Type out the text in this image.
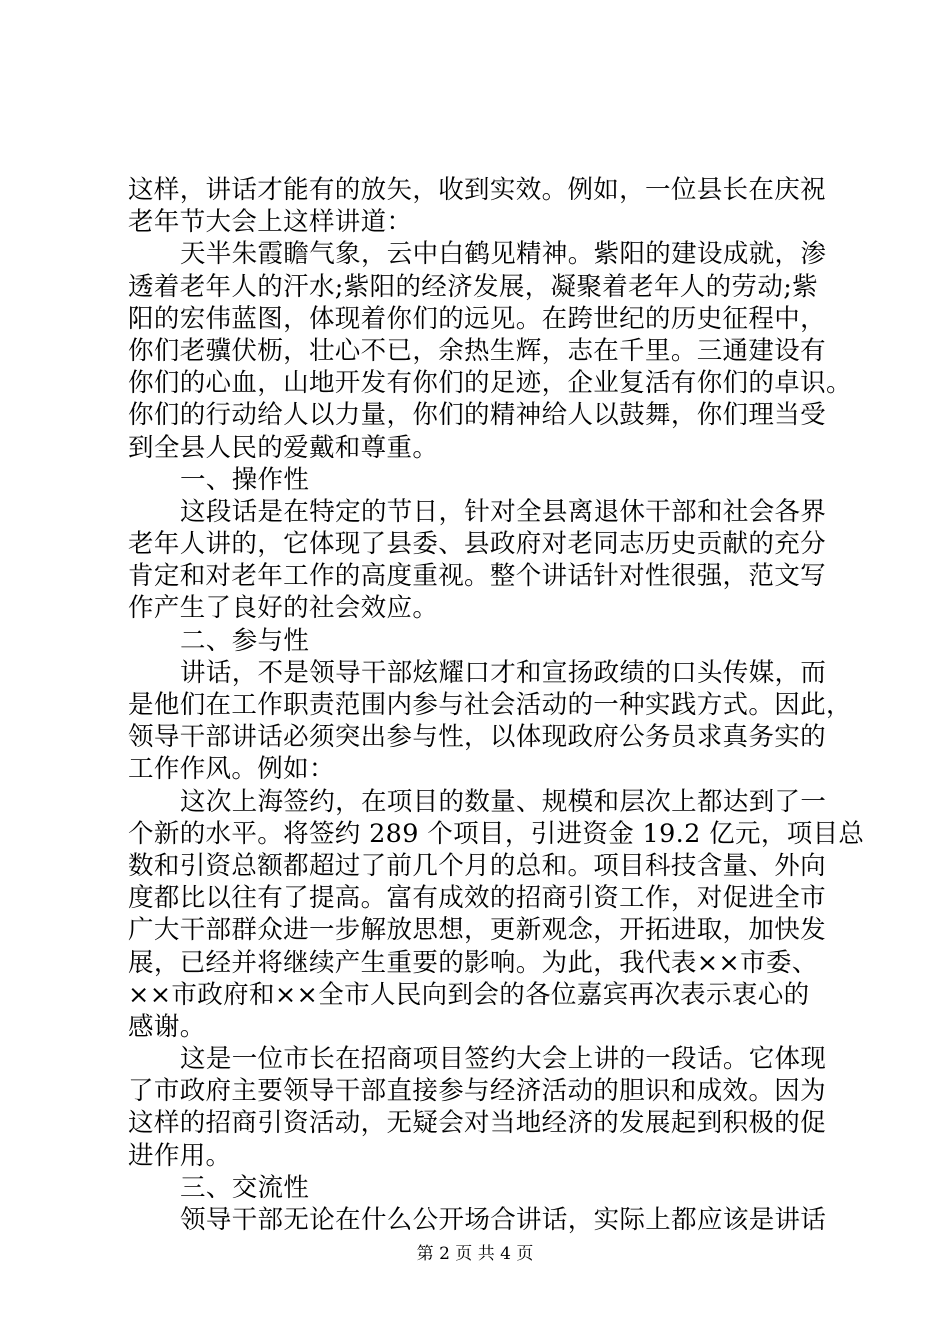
这样，讲话才能有的放矢，收到实效。例如，一位县长在庆祝
老年节大会上这样讲道：
天半朱霞瞻气象，云中白鹤见精神。紫阳的建设成就，渗
透着老年人的汗水;紫阳的经济发展，凝聚着老年人的劳动;紫
阳的宏伟蓝图，体现着你们的远见。在跨世纪的历史征程中，
你们老骥伏枥，壮心不已，余热生辉，志在千里。三通建设有
你们的心血，山地开发有你们的足迹，企业复活有你们的卓识。
你们的行动给人以力量，你们的精神给人以鼓舞，你们理当受
到全县人民的爱戴和尊重。
一、操作性
这段话是在特定的节日，针对全县离退休干部和社会各界
老年人讲的，它体现了县委、县政府对老同志历史贡献的充分
肯定和对老年工作的高度重视。整个讲话针对性很强，范文写
作产生了良好的社会效应。
二、参与性
讲话，不是领导干部炫耀口才和宣扬政绩的口头传媒，而
是他们在工作职责范围内参与社会活动的一种实践方式。因此，
领导干部讲话必须突出参与性，以体现政府公务员求真务实的
工作作风。例如：
这次上海签约，在项目的数量、规模和层次上都达到了一
个新的水平。将签约 289 个项目，引进资金 19.2 亿元，项目总
数和引资总额都超过了前几个月的总和。项目科技含量、外向
度都比以往有了提高。富有成效的招商引资工作，对促进全市
广大干部群众进一步解放思想，更新观念，开拓进取，加快发
展，已经并将继续产生重要的影响。为此，我代表××市委、
××市政府和××全市人民向到会的各位嘉宾再次表示衷心的
感谢。
这是一位市长在招商项目签约大会上讲的一段话。它体现
了市政府主要领导干部直接参与经济活动的胆识和成效。因为
这样的招商引资活动，无疑会对当地经济的发展起到积极的促
进作用。
三、交流性
领导干部无论在什么公开场合讲话，实际上都应该是讲话
第 2 页 共 4 页
